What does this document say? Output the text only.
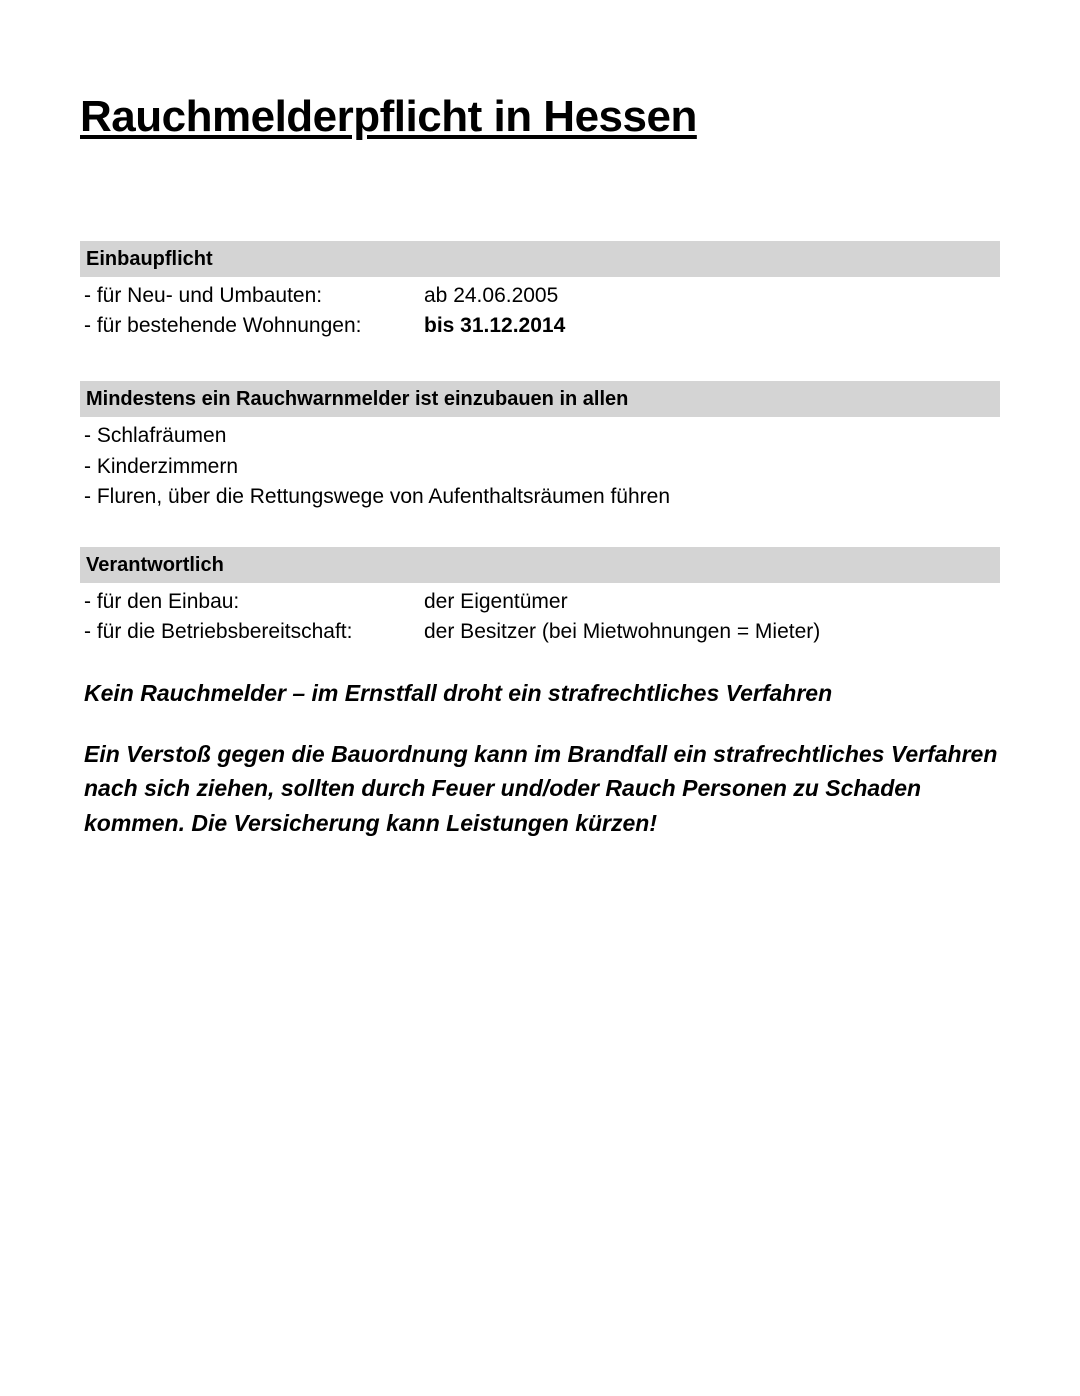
Rauchmelderpflicht in Hessen
Einbaupflicht
- für Neu- und Umbauten:	ab 24.06.2005
- für bestehende Wohnungen:	bis 31.12.2014
Mindestens ein Rauchwarnmelder ist einzubauen in allen
- Schlafräumen
- Kinderzimmern
- Fluren, über die Rettungswege von Aufenthaltsräumen führen
Verantwortlich
- für den Einbau:	der Eigentümer
- für die Betriebsbereitschaft:	der Besitzer (bei Mietwohnungen = Mieter)
Kein Rauchmelder – im Ernstfall droht ein strafrechtliches Verfahren
Ein Verstoß gegen die Bauordnung kann im Brandfall ein strafrechtliches Verfahren nach sich ziehen, sollten durch Feuer und/oder Rauch Personen zu Schaden kommen. Die Versicherung kann Leistungen kürzen!
